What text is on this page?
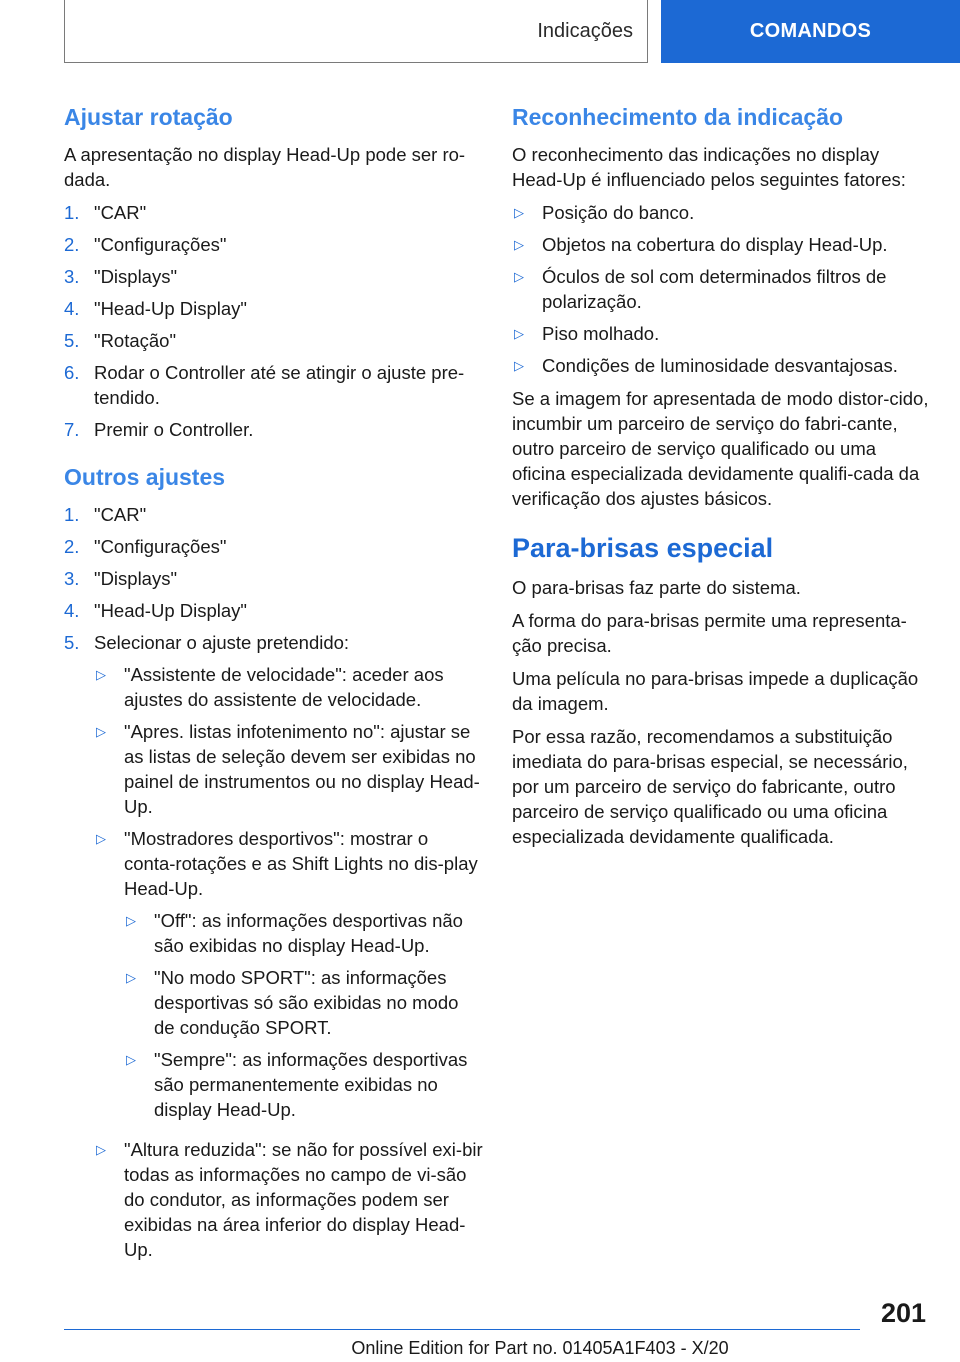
Indicações	COMANDOS
Ajustar rotação

A apresentação no display Head-Up pode ser ro-dada.

1. "CAR"
2. "Configurações"
3. "Displays"
4. "Head-Up Display"
5. "Rotação"
6. Rodar o Controller até se atingir o ajuste pre-tendido.
7. Premir o Controller.
Outros ajustes
1. "CAR"
2. "Configurações"
3. "Displays"
4. "Head-Up Display"
5. Selecionar o ajuste pretendido:
▷ "Assistente de velocidade": aceder aos ajustes do assistente de velocidade.
▷ "Apres. listas infotenimento no": ajustar se as listas de seleção devem ser exibidas no painel de instrumentos ou no display Head-Up.
▷ "Mostradores desportivos": mostrar o conta-rotações e as Shift Lights no dis-play Head-Up.
▷ "Off": as informações desportivas não são exibidas no display Head-Up.
▷ "No modo SPORT": as informações desportivas só são exibidas no modo de condução SPORT.
▷ "Sempre": as informações desportivas são permanentemente exibidas no display Head-Up.
▷ "Altura reduzida": se não for possível exi-bir todas as informações no campo de vi-são do condutor, as informações podem ser exibidas na área inferior do display Head-Up.
Reconhecimento da indicação

O reconhecimento das indicações no display Head-Up é influenciado pelos seguintes fatores:

▷ Posição do banco.
▷ Objetos na cobertura do display Head-Up.
▷ Óculos de sol com determinados filtros de polarização.
▷ Piso molhado.
▷ Condições de luminosidade desvantajosas.

Se a imagem for apresentada de modo distor-cido, incumbir um parceiro de serviço do fabri-cante, outro parceiro de serviço qualificado ou uma oficina especializada devidamente qualifi-cada da verificação dos ajustes básicos.

Para-brisas especial

O para-brisas faz parte do sistema.

A forma do para-brisas permite uma representa-ção precisa.

Uma película no para-brisas impede a duplicação da imagem.

Por essa razão, recomendamos a substituição imediata do para-brisas especial, se necessário, por um parceiro de serviço do fabricante, outro parceiro de serviço qualificado ou uma oficina especializada devidamente qualificada.

201
Online Edition for Part no. 01405A1F403 - X/20
